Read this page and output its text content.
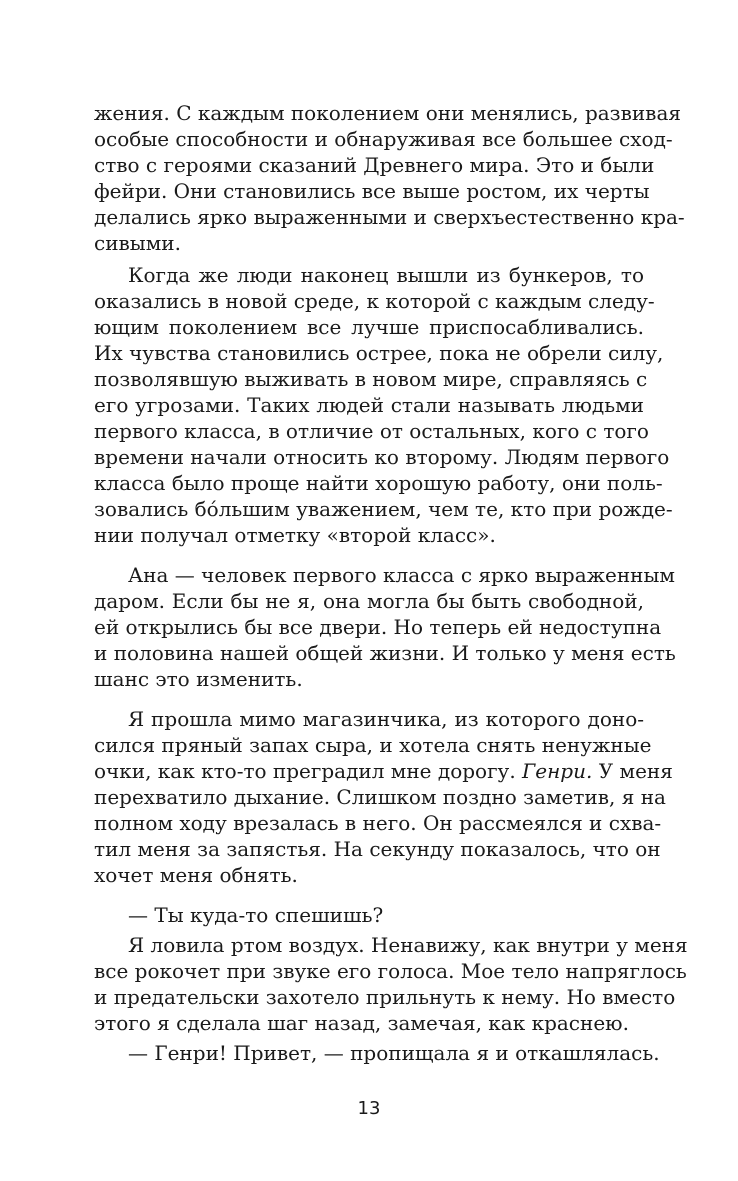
жения. С каждым поколением они менялись, развивая
особые способности и обнаруживая все большее сход-
ство с героями сказаний Древнего мира. Это и были
фейри. Они становились все выше ростом, их черты
делались ярко выраженными и сверхъестественно кра-
сивыми.
Когда же люди наконец вышли из бункеров, то
оказались в новой среде, к которой с каждым следу-
ющим поколением все лучше приспосабливались.
Их чувства становились острее, пока не обрели силу,
позволявшую выживать в новом мире, справляясь с
его угрозами. Таких людей стали называть людьми
первого класса, в отличие от остальных, кого с того
времени начали относить ко второму. Людям первого
класса было проще найти хорошую работу, они поль-
зовались бо́льшим уважением, чем те, кто при рожде-
нии получал отметку «второй класс».
Ана — человек первого класса с ярко выраженным
даром. Если бы не я, она могла бы быть свободной,
ей открылись бы все двери. Но теперь ей недоступна
и половина нашей общей жизни. И только у меня есть
шанс это изменить.
Я прошла мимо магазинчика, из которого доно-
сился пряный запах сыра, и хотела снять ненужные
очки, как кто-то преградил мне дорогу. Генри. У меня
перехватило дыхание. Слишком поздно заметив, я на
полном ходу врезалась в него. Он рассмеялся и схва-
тил меня за запястья. На секунду показалось, что он
хочет меня обнять.
— Ты куда-то спешишь?
Я ловила ртом воздух. Ненавижу, как внутри у меня
все рокочет при звуке его голоса. Мое тело напряглось
и предательски захотело прильнуть к нему. Но вместо
этого я сделала шаг назад, замечая, как краснею.
— Генри! Привет, — пропищала я и откашлялась.
13
